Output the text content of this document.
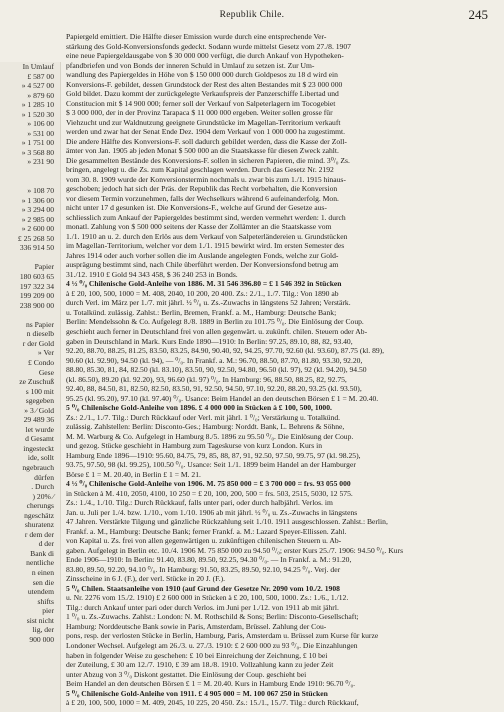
Republik Chile.	245
In Umlauf
£ 587 00
» 4 527 00
» 879 60
» 1 285 10
» 1 520 30
» 106 00
» 531 00
» 1 751 00
» 3 568 80
» 231 90

» 108 70
» 1 306 00
» 3 294 00
» 2 985 00
» 2 600 00
£ 25 268 50
336 914 50

Papier
180 603 65
197 322 34
199 209 00
238 900 00

ns Papier
n dieselb
r der Gold
» Ver
£ Condo
Gese
ze Zuschuß
s 100 mit
sgegeben
» 3 ⁄ Gold
29 489 36
let wurde
d Gesamt
ingesteckt
ide, sollt
ngebrauch
dürfen
. Durch
) 20% ⁄
cherungs
ngeschätz
shuratenz
r dem der
d der
Bank di
nentliche
n einen
sen die
utendem
shifts
pier
sist nicht
lig, der
900 000
Papiergeld emittiert. Die Hälfte dieser Emission wurde durch eine entsprechende Ver-
stärkung des Gold-Konversionsfonds gedeckt. Sodann wurde mittelst Gesetz vom 27./8. 1907
eine neue Papiergeldausgabe von $ 30 000 000 verfügt, die durch Ankauf von Hypotheken-
pfandbriefen und von Bonds der inneren Schuld in Umlauf zu setzen ist. Zur Um-
wandlung des Papiergeldes in Höhe von $ 150 000 000 durch Goldpesos zu 18 d wird ein
Konversions-F. gebildet, dessen Grundstock der Rest des alten Bestandes mit $ 23 000 000
Gold bildet. Dazu kommt der zurückgelegte Verkaufspreis der Panzerschiffe Libertad und
Constitucion mit $ 14 900 000; ferner soll der Verkauf von Salpeterlagern im Tocogebiet
$ 3 000 000, der in der Provinz Tarapaca $ 11 000 000 ergeben. Weiter sollen grosse für
Viehzucht und zur Waldnutzung geeignete Grundstücke im Magellan-Territorium verkauft
werden und zwar hat der Senat Ende Dez. 1904 dem Verkauf von 1 000 000 ha zugestimmt.
Die andere Hälfte des Konversions-F. soll dadurch gebildet werden, dass die Kasse der Zoll-
ämter von Jan. 1905 ab jeden Monat $ 500 000 an die Staatskasse für diesen Zweck zahlt.
Die gesammelten Bestände des Konversions-F. sollen in sicheren Papieren, die mind. 3⁰/₀ Zs.
bringen, angelegt u. die Zs. zum Kapital geschlagen werden. Durch das Gesetz Nr. 2192
vom 30. 8. 1909 wurde der Konversionstermin nochmals u. zwar bis zum 1./1. 1915 hinaus-
geschoben; jedoch hat sich der Präs. der Republik das Recht vorbehalten, die Konversion
vor diesem Termin vorzunehmen, falls der Wechselkurs während 6 aufeinanderfolg. Mon.
nicht unter 17 d gesunken ist. Die Konversions-F., welche auf Grund der Gesetze aus-
schliesslich zum Ankauf der Papiergeldes bestimmt sind, werden vermehrt werden: 1. durch
monatl. Zahlung von $ 500 000 seitens der Kasse der Zollämter an die Staatskasse vom
1./1. 1910 an u. 2. durch den Erlös aus dem Verkauf von Salpeterländereien u. Grundstücken
im Magellan-Territorium, welcher vor dem 1./1. 1915 bewirkt wird. Im ersten Semester des
Jahres 1914 oder auch vorher sollen die im Auslande angelegten Fonds, welche zur Gold-
ausprägung bestimmt sind, nach Chile überführt werden. Der Konversionsfond betrug am
31./12. 1910 £ Gold 94 343 458, $ 36 240 253 in Bonds.
4 ½ ⁰/₀ Chilenische Gold-Anleihe von 1886. M. 31 546 396.80 = £ 1 546 392 in Stücken
à £ 20, 100, 500, 1000 = M. 408, 2040, 10 200, 20 400. Zs.: 2./1., 1./7. Tilg.: Von 1890 ab
durch Verl. im März per 1./7. mit jährl. ½ ⁰/₀ u. Zs.-Zuwachs in längstens 52 Jahren; Verstärk.
u. Totalkünd. zulässig. Zahlst.: Berlin, Bremen, Frankf. a. M., Hamburg: Deutsche Bank;
Berlin: Mendelssohn & Co. Aufgelegt 8./8. 1889 in Berlin zu 101.75 ⁰/₀. Die Einlösung der Coup.
geschieht auch ferner in Deutschland frei von allen gegenwärt. u. zukünft. chilen. Steuern oder Ab-
gaben in Deutschland in Mark. Kurs Ende 1890—1910: In Berlin: 97.25, 89.10, 88, 82, 93.40,
92.20, 88.70, 88.25, 81.25, 83.50, 83.25, 84.90, 90.40, 92, 94.25, 97.70, 92.60 (kl. 93.60), 87.75 (kl. 89),
90.60 (kl. 92.90), 94.50 (kl. 94), — ⁰/₀. In Frankf. a. M.: 96.70, 88.50, 87.70, 81.80, 93.30, 92.20,
88.80, 85.30, 81, 84, 82.50 (kl. 83.10), 83.50, 90, 92.50, 94.80, 96.50 (kl. 97), 92 (kl. 94.20), 94.50
(kl. 86.50), 89.20 (kl. 92.20), 93, 96.60 (kl. 97) ⁰/₀. In Hamburg: 96, 88.50, 88.25, 82, 92.75,
92.40, 88, 84.50, 81, 82.50, 82.50, 83.50, 91, 92.50, 94.50, 97.10, 92.20, 88.20, 93.25 (kl. 93.50),
95.25 (kl. 95.20), 97.10 (kl. 97.40) ⁰/₀. Usance: Beim Handel an den deutschen Börsen £ 1 = M. 20.40.
5 ⁰/₀ Chilenische Gold-Anleihe von 1896. £ 4 000 000 in Stücken à £ 100, 500, 1000.
Zs.: 2./1., 1./7. Tilg.: Durch Rückkauf oder Verl. mit jährl. 1 ⁰/₀; Verstärkung u. Totalkünd.
zulässig. Zahlstellen: Berlin: Disconto-Ges.; Hamburg: Norddt. Bank, L. Behrens & Söhne,
M. M. Warburg & Co. Aufgelegt in Hamburg 8./5. 1896 zu 95.50 ⁰/₀. Die Einlösung der Coup.
und gezog. Stücke geschieht in Hamburg zum Tageskurse von kurz London. Kurs in
Hamburg Ende 1896—1910: 95.60, 84.75, 79, 85, 88, 87, 91, 92.50, 97.50, 99.75, 97 (kl. 98.25),
93.75, 97.50, 98 (kl. 99.25), 100.50 ⁰/₀. Usance: Seit 1./1. 1899 beim Handel an der Hamburger
Börse £ 1 = M. 20.40, in Berlin £ 1 = M. 21.
4 ½ ⁰/₀ Chilenische Gold-Anleihe von 1906. M. 75 850 000 = £ 3 700 000 = frs. 93 055 000
in Stücken à M. 410, 2050, 4100, 10 250 = £ 20, 100, 200, 500 = frs. 503, 2515, 5030, 12 575.
Zs.: 1./4., 1./10. Tilg.: Durch Rückkauf, falls unter pari, oder durch halbjährl. Verlos. im
Jan. u. Juli per 1./4. bzw. 1./10., vom 1./10. 1906 ab mit jährl. ½ ⁰/₀ u. Zs.-Zuwachs in längstens
47 Jahren. Verstärkte Tilgung und gänzliche Rückzahlung seit 1./10. 1911 ausgeschlossen. Zahlst.: Berlin,
Frankf. a. M., Hamburg: Deutsche Bank; ferner Frankf. a. M.: Lazard Speyer-Ellissen. Zahl.
von Kapital u. Zs. frei von allen gegenwärtigen u. zukünftigen chilenischen Steuern u. Ab-
gaben. Aufgelegt in Berlin etc. 10./4. 1906 M. 75 850 000 zu 94.50 ⁰/₀; erster Kurs 25./7. 1906: 94.50 ⁰/₀. Kurs
Ende 1906—1910: In Berlin: 91.40, 83.80, 89.50, 92.25, 94.30 ⁰/₀. — In Frankf. a. M.: 91.20,
83.80, 89.50, 92.20, 94.10 ⁰/₀. In Hamburg: 91.50, 83.25, 89.50, 92.10, 94.25 ⁰/₀. Verj. der
Zinsscheine in 6 J. (F.), der verl. Stücke in 20 J. (F.).
5 ⁰/₀ Chilen. Staatsanleihe von 1910 (auf Grund der Gesetze Nr. 2090 vom 10./2. 1908
u. Nr. 2276 vom 15./2. 1910) £ 2 600 000 in Stücken à £ 20, 100, 500, 1000. Zs.: 1./6., 1./12.
Tilg.: durch Ankauf unter pari oder durch Verlos. im Juni per 1./12. von 1911 ab mit jährl.
1 ⁰/₀ u. Zs.-Zuwachs. Zahlst.: London: N. M. Rothschild & Sons; Berlin: Disconto-Gesellschaft;
Hamburg: Norddeutsche Bank sowie in Paris, Amsterdam, Brüssel. Zahlung der Cou-
pons, resp. der verlosten Stücke in Berlin, Hamburg, Paris, Amsterdam u. Brüssel zum Kurse für kurze
Londoner Wechsel. Aufgelegt am 26./3. u. 27./3. 1910: £ 2 600 000 zu 93 ⁰/₀. Die Einzahlungen
haben in folgender Weise zu geschehen: £ 10 bei Einreichung der Zeichnung, £ 10 bei
der Zuteilung, £ 30 am 12./7. 1910, £ 39 am 18./8. 1910. Vollzahlung kann zu jeder Zeit
unter Abzug von 3 ⁰/₀ Diskont gestattet. Die Einlösung der Coup. geschieht bei
Beim Handel an den deutschen Börsen £ 1 = M. 20.40. Kurs in Hamburg Ende 1910: 96.70 ⁰/₀.
5 ⁰/₀ Chilenische Gold-Anleihe von 1911. £ 4 905 000 = M. 100 067 250 in Stücken
à £ 20, 100, 500, 1000 = M. 409, 2045, 10 225, 20 450. Zs.: 15./1., 15./7. Tilg.: durch Rückkauf,
